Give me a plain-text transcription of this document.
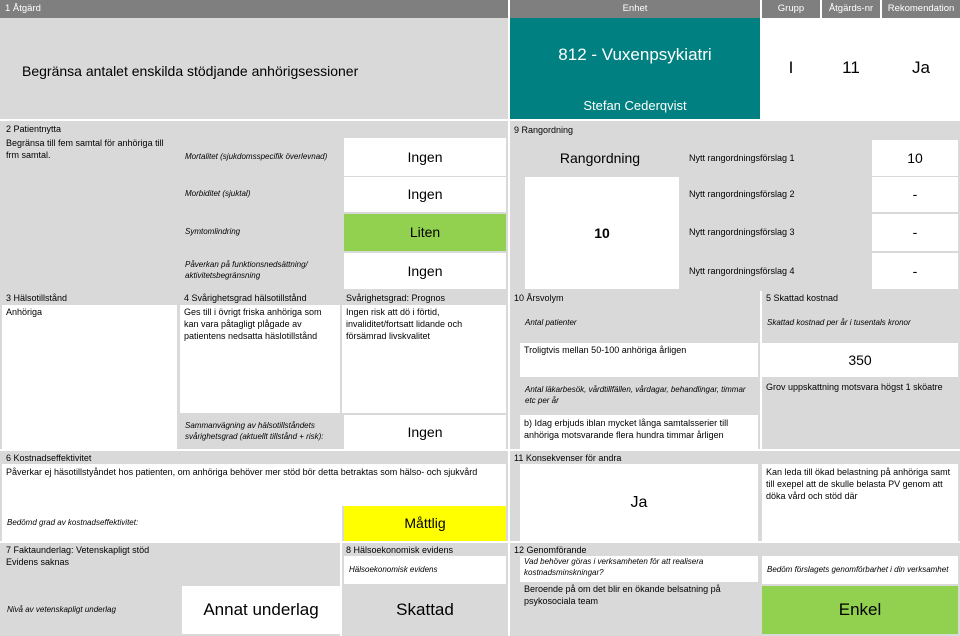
1 Åtgärd	Enhet	Grupp	Åtgärds-nr	Rekomendation
Begränsa antalet enskilda stödjande anhörigsessioner
812 - Vuxenpsykiatri
Stefan Cederqvist
I	11	Ja
2 Patientnytta
Begränsa till fem samtal för anhöriga till frm samtal.	Mortalitet (sjukdomsspecifik överlevnad)	Ingen
Morbiditet (sjuktal)	Ingen
Symtomlindring	Liten
Påverkan på funktionsnedsättning/ aktivitetsbegränsning	Ingen
9 Rangordning
Rangordning
10
Nytt rangordningsförslag 1	10
Nytt rangordningsförslag 2	-
Nytt rangordningsförslag 3	-
Nytt rangordningsförslag 4	-
3 Hälsotillstånd
Anhöriga
4 Svårighetsgrad hälsotillstånd
Ges till i övrigt friska anhöriga som kan vara påtagligt plågade av patientens nedsatta häslotillstånd
Svårighetsgrad: Prognos
Ingen risk att dö i förtid, invaliditet/fortsatt lidande och försämrad livskvalitet
Sammanvägning av hälsotillståndets svårighetsgrad (aktuellt tillstånd + risk):	Ingen
10 Årsvolym
Antal patienter
Troligtvis mellan 50-100 anhöriga årligen
Antal läkarbesök, vårdtillfällen, vårdagar, behandlingar, timmar etc per år
b) Idag erbjuds iblan mycket långa samtalsserier till anhöriga motsvarande flera hundra timmar årligen
5 Skattad kostnad
Skattad kostnad per år i tusentals kronor
350
Grov uppskattning motsvara högst 1 sköatre
6 Kostnadseffektivitet
Påverkar ej häsotillstyåndet hos patienten, om anhöriga behöver mer stöd bör detta betraktas som hälso- och sjukvård
Bedömd grad av kostnadseffektivitet:	Måttlig
11 Konsekvenser för andra
Ja
Kan leda till ökad belastning på anhöriga samt till exepel att de skulle belasta PV genom att döka vård och stöd där
7 Faktaunderlag: Vetenskapligt stöd
Evidens saknas
Nivå av vetenskapligt underlag	Annat underlag
8 Hälsoekonomisk evidens
Hälsoekonomisk evidens
Skattad
12 Genomförande
Vad behöver göras i verksamheten för att realisera kostnadsminskningar?
Beroende på om det blir en ökande belsatning på psykosociala team
Bedöm förslagets genomförbarhet i din verksamhet
Enkel
